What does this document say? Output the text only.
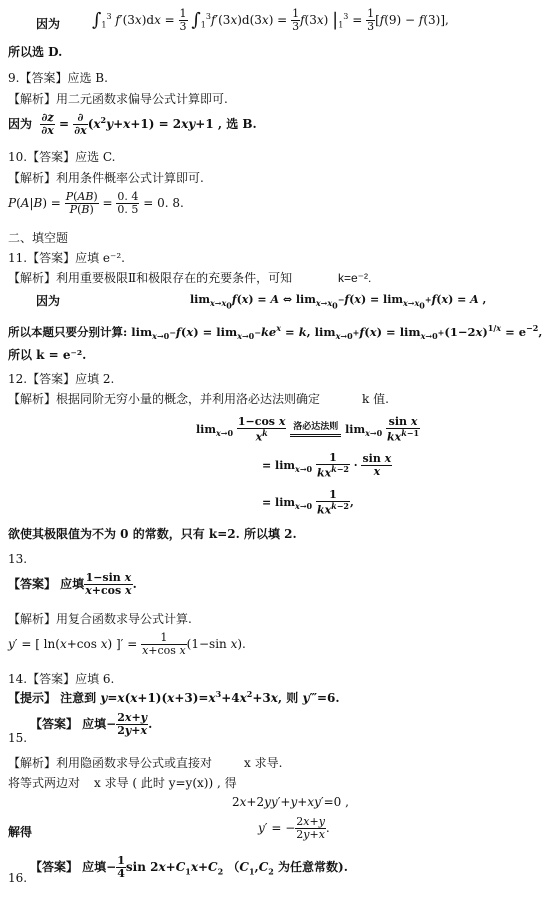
因为 $\int_1^3$ $f'(3x)dx = \frac{1}{3} \int_1^3f'(3x)d(3x) = \frac{1}{3} f(3x) |_1^3 = \frac{1}{3} [f(9) - f(3)]$,
所以选 D.
9.【答案】应选 B.
【解析】用二元函数求偏导公式计算即可.
因为 $\frac{\partial z}{\partial x} = \frac{\partial}{\partial x} (x^2y+x+1) = 2xy+1$ , 选 B.
10.【答案】应选 C.
【解析】利用条件概率公式计算即可.
$P(A|B) = \frac{P(AB)}{P(B)} = \frac{0. 4}{0. 5} = 0$. 8.
二、填空题
11.【答案】应填 e⁻².
【解析】利用重要极限Ⅱ和极限存在的充要条件，可知	k=e⁻².
因为	$\lim_{x\to x_0}f(x) = A$ ⇔ $\lim_{x\to x_0^-}f(x) = \lim_{x\to x_0^+}f(x) = A$ ,
所以本题只要分别计算: $\lim_{x\to 0^-}f(x) = \lim_{x\to 0^-}ke^x = k$, $\lim_{x\to 0^+}f(x) = \lim_{x\to 0^+}(1-2x)^{1/x} = e^{-2}$,
所以 k = e⁻².
12.【答案】应填 2.
【解析】根据同阶无穷小量的概念，并利用洛必达法则确定	k 值.
$\lim_{x\to 0} \frac{\text{1−cos x}}{x^k}$
洛必达法则 $\lim_{x\to 0} \frac{\text{sin x}}{kx^{k-1}}$
= $\lim_{x\to 0} \frac{1}{kx^{k-2}} \cdot \frac{\text{sin x}}{x}$
= $\lim_{x\to 0} \frac{1}{kx^{k-2}}$ ,
欲使其极限值为不为 0 的常数，只有 k=2. 所以填 2.
13.
【答案】 应填 $\frac{\text{1−sin x}}{\text{x+cos x}}$ .
【解析】用复合函数求导公式计算.
y′ = [ ln(x+cos x) ]′ = $\frac{1}{\text{x+cos x}} (1-\sin$ x).
14.【答案】应填 6.
【提示】 注意到 $y=x(x+1)(x+3)=x^3+4x^2+3x$, 则 y‴=6.
【答案】 应填− $\frac{2x+y}{2y+x}$ .
15.
【解析】利用隐函数求导公式或直接对	x 求导.
将等式两边对 x 求导 ( 此时 y=y(x)) , 得
2x+2yy′+y+xy′=0 ,
解得	y′ = − $\frac{2x+y}{2y+x}$ .
【答案】 应填− $\frac{1}{4}$ $\sin 2x+C_1x+C_2$ （$C_1,C_2$ 为任意常数).
16.
